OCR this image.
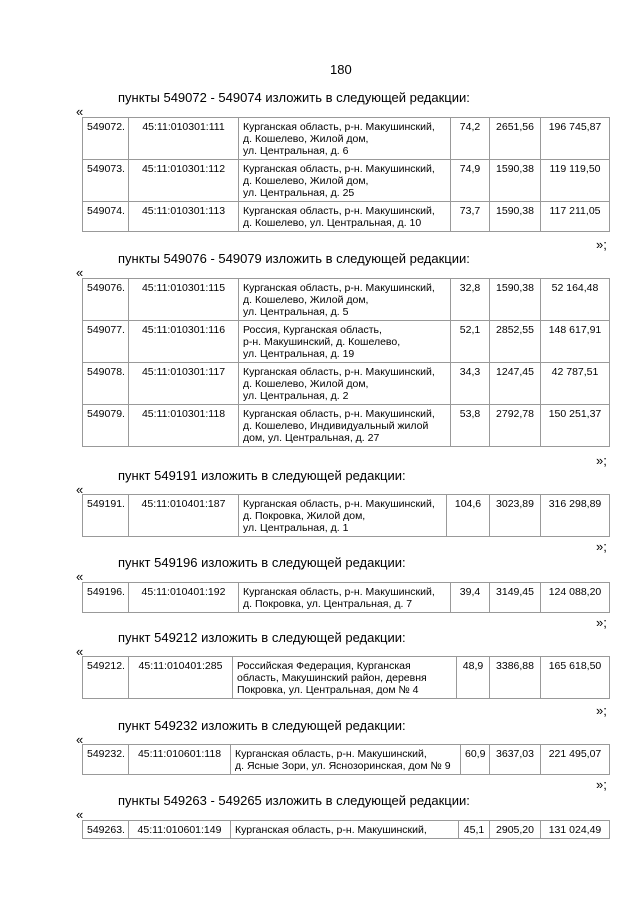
180
пункты 549072 - 549074 изложить в следующей редакции:
«
549072.	45:11:010301:111	Курганская область, р-н. Макушинский,
д. Кошелево, Жилой дом,
ул. Центральная, д. 6	74,2	2651,56	196 745,87
549073.	45:11:010301:112	Курганская область, р-н. Макушинский,
д. Кошелево, Жилой дом,
ул. Центральная, д. 25	74,9	1590,38	119 119,50
549074.	45:11:010301:113	Курганская область, р-н. Макушинский,
д. Кошелево, ул. Центральная, д. 10	73,7	1590,38	117 211,05
»;
пункты 549076 - 549079 изложить в следующей редакции:
«
549076.	45:11:010301:115	Курганская область, р-н. Макушинский,
д. Кошелево, Жилой дом,
ул. Центральная, д. 5	32,8	1590,38	52 164,48
549077.	45:11:010301:116	Россия, Курганская область,
р-н. Макушинский, д. Кошелево,
ул. Центральная, д. 19	52,1	2852,55	148 617,91
549078.	45:11:010301:117	Курганская область, р-н. Макушинский,
д. Кошелево, Жилой дом,
ул. Центральная, д. 2	34,3	1247,45	42 787,51
549079.	45:11:010301:118	Курганская область, р-н. Макушинский,
д. Кошелево, Индивидуальный жилой
дом, ул. Центральная, д. 27	53,8	2792,78	150 251,37
»;
пункт 549191 изложить в следующей редакции:
«
549191.	45:11:010401:187	Курганская область, р-н. Макушинский,
д. Покровка, Жилой дом,
ул. Центральная, д. 1
	104,6	3023,89	316 298,89
»;
пункт 549196 изложить в следующей редакции:
«
549196.	45:11:010401:192	Курганская область, р-н. Макушинский,
д. Покровка, ул. Центральная, д. 7
	39,4	3149,45	124 088,20
»;
пункт 549212 изложить в следующей редакции:
«
549212.	45:11:010401:285	Российская Федерация, Курганская
область, Макушинский район, деревня
Покровка, ул. Центральная, дом № 4
	48,9	3386,88	165 618,50
»;
пункт 549232 изложить в следующей редакции:
«
549232.	45:11:010601:118	Курганская область, р-н. Макушинский,
д. Ясные Зори, ул. Яснозоринская, дом № 9
	60,9	3637,03	221 495,07
»;
пункты 549263 - 549265 изложить в следующей редакции:
«
549263.	45:11:010601:149	Курганская область, р-н. Макушинский,	45,1	2905,20	131 024,49
